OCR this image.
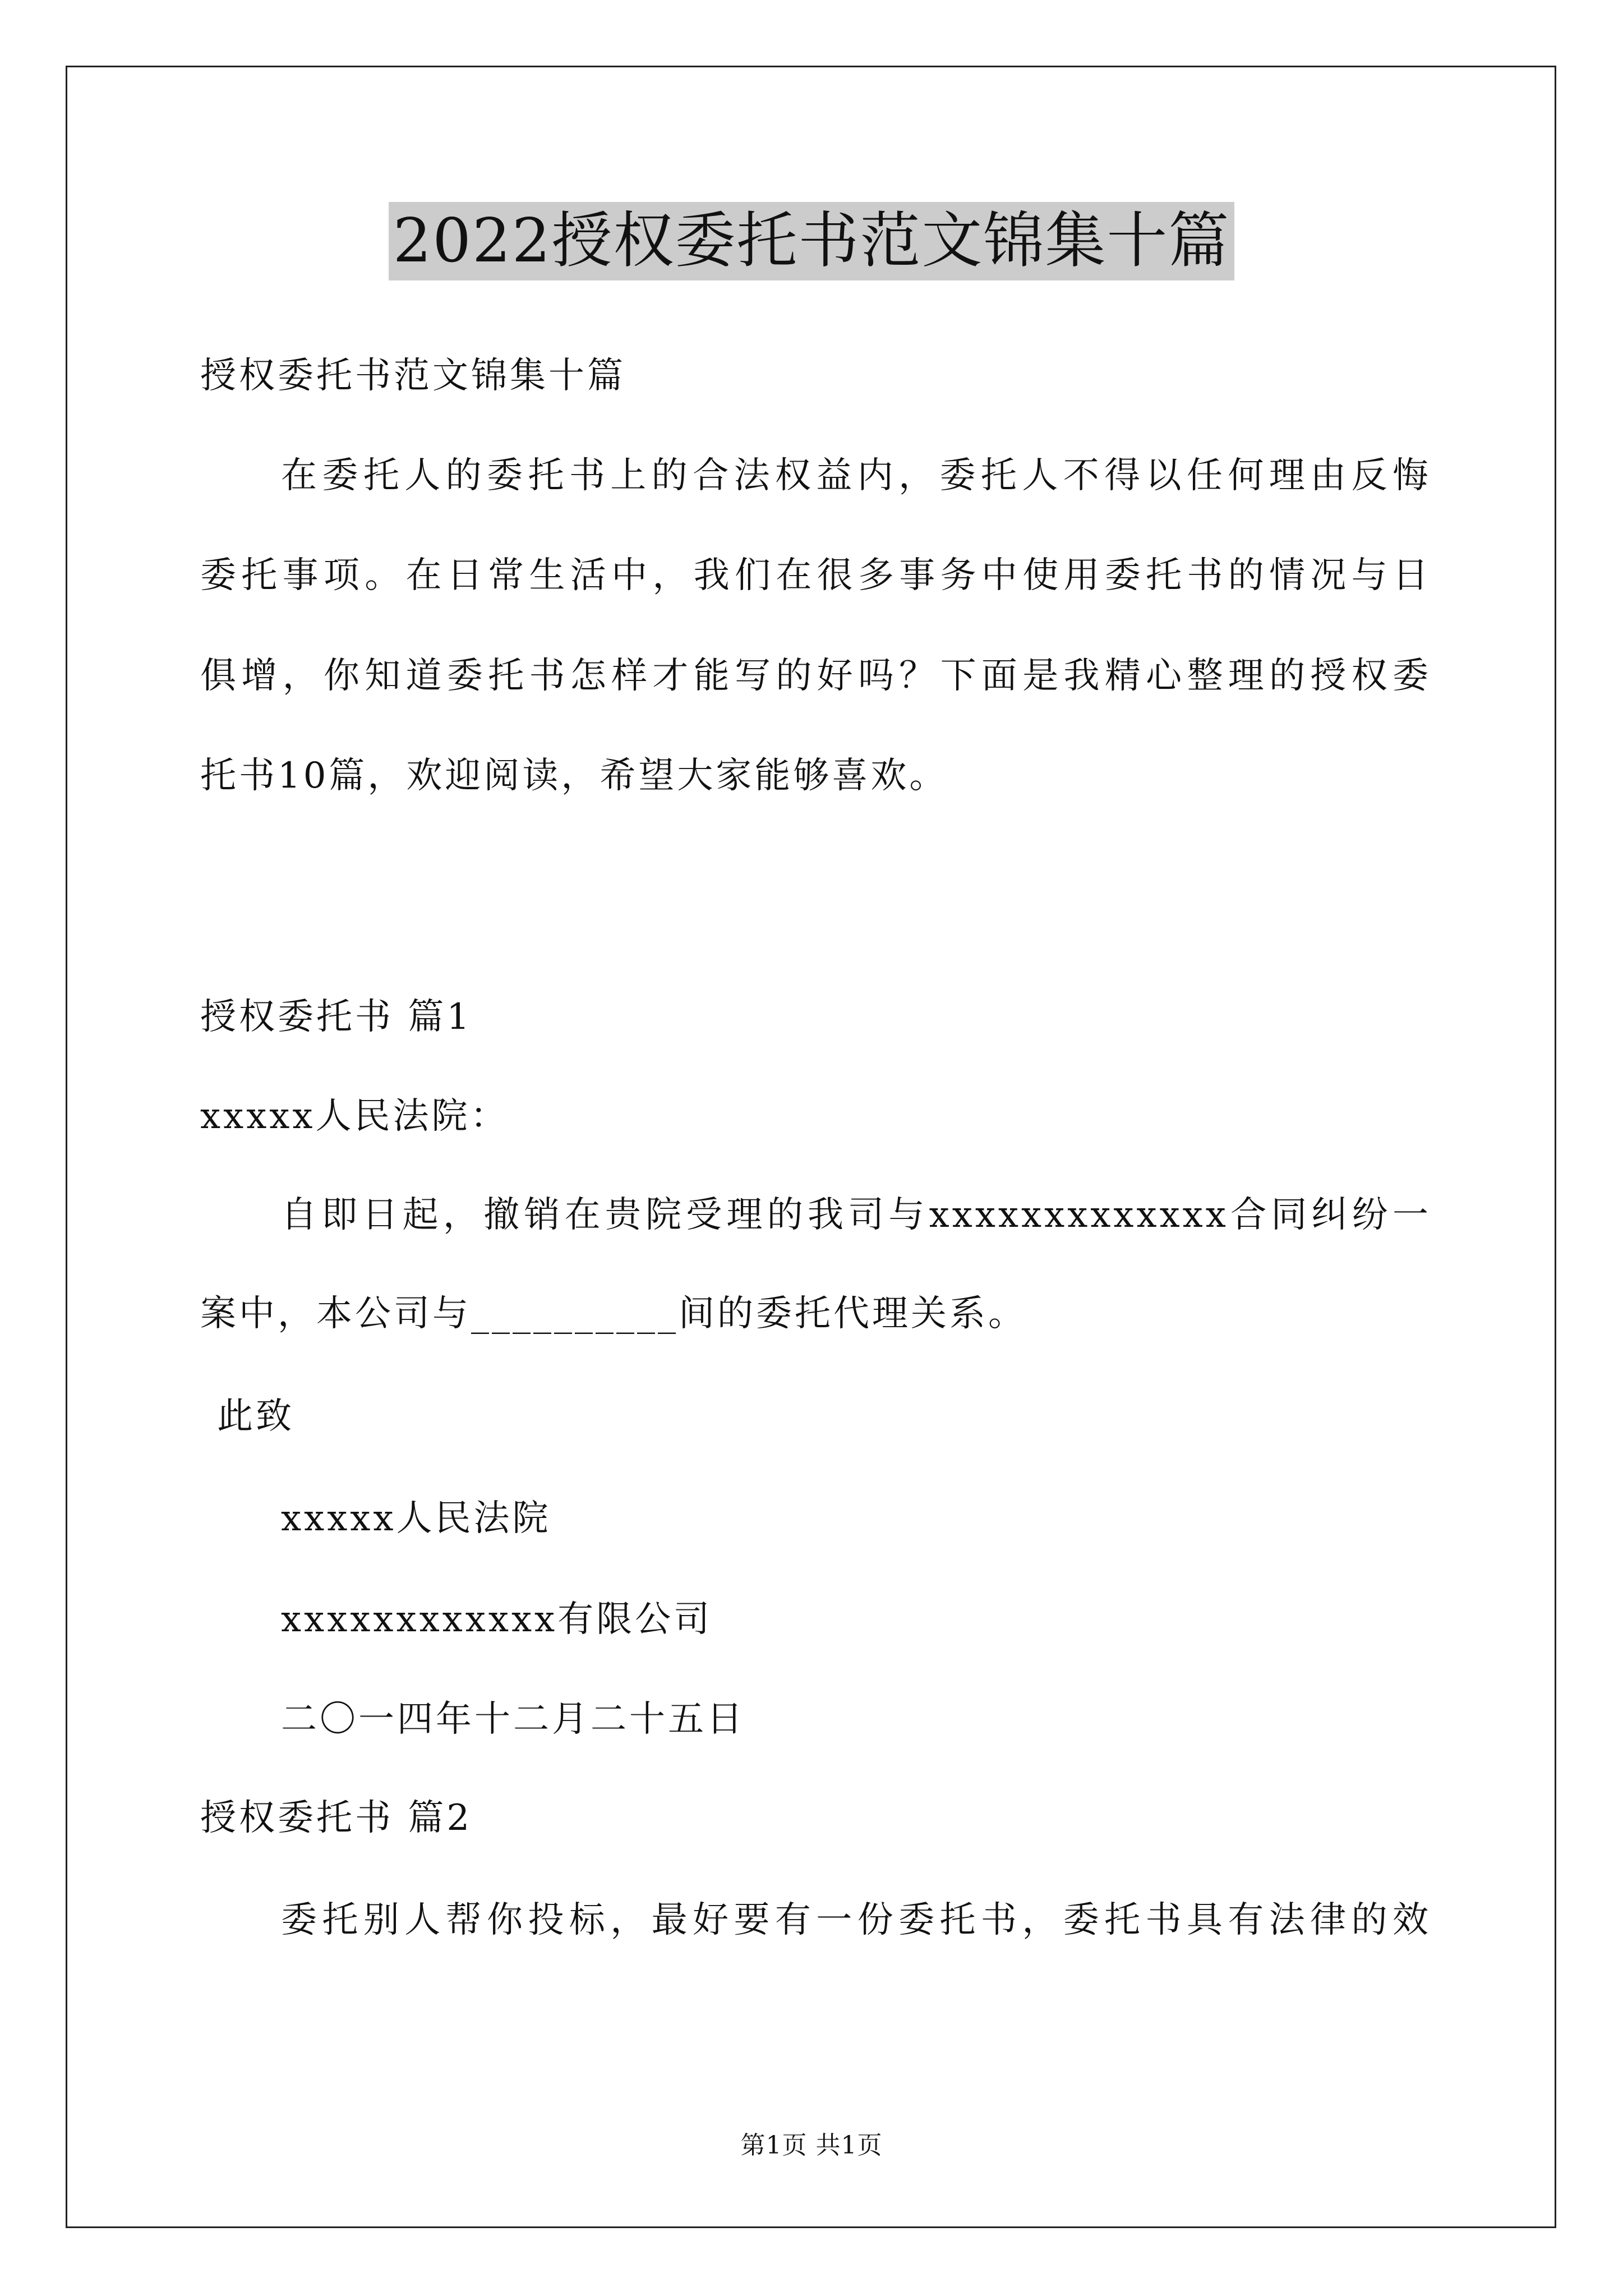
2022授权委托书范文锦集十篇
授权委托书范文锦集十篇
在委托人的委托书上的合法权益内，委托人不得以任何理由反悔
委托事项。在日常生活中，我们在很多事务中使用委托书的情况与日
俱增，你知道委托书怎样才能写的好吗？下面是我精心整理的授权委
托书10篇，欢迎阅读，希望大家能够喜欢。
授权委托书 篇1
xxxxx人民法院：
自即日起，撤销在贵院受理的我司与xxxxxxxxxxxxx合同纠纷一
案中，本公司与__________间的委托代理关系。
此致
xxxxx人民法院
xxxxxxxxxxxx有限公司
二〇一四年十二月二十五日
授权委托书 篇2
委托别人帮你投标，最好要有一份委托书，委托书具有法律的效
第1页 共1页
